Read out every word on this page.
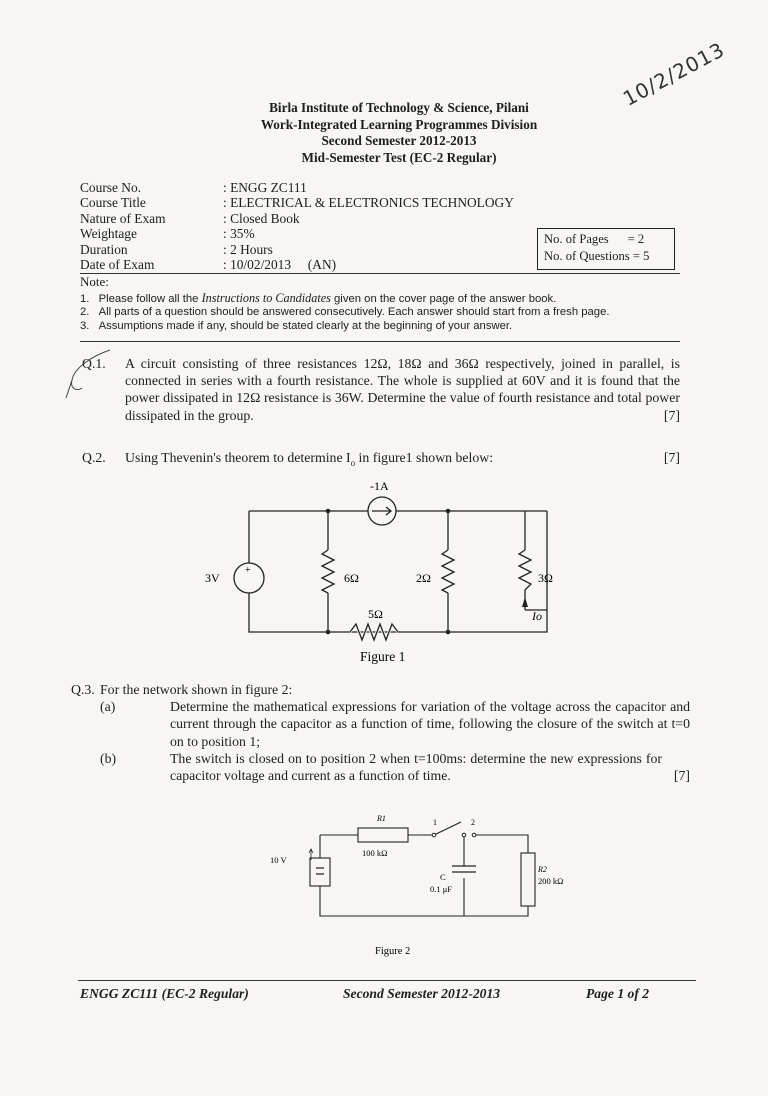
10/2/2013
Birla Institute of Technology & Science, Pilani
Work-Integrated Learning Programmes Division
Second Semester 2012-2013
Mid-Semester Test (EC-2 Regular)
Course No.	: ENGG ZC111
Course Title	: ELECTRICAL & ELECTRONICS TECHNOLOGY
Nature of Exam	: Closed Book
Weightage	: 35%
Duration	: 2 Hours
Date of Exam	: 10/02/2013     (AN)
No. of Pages      = 2
No. of Questions = 5
Note:
1. Please follow all the Instructions to Candidates given on the cover page of the answer book.
2. All parts of a question should be answered consecutively. Each answer should start from a fresh page.
3. Assumptions made if any, should be stated clearly at the beginning of your answer.
Q.1. A circuit consisting of three resistances 12Ω, 18Ω and 36Ω respectively, joined in parallel, is connected in series with a fourth resistance. The whole is supplied at 60V and it is found that the power dissipated in 12Ω resistance is 36W. Determine the value of fourth resistance and total power dissipated in the group.	[7]
Q.2. Using Thevenin's theorem to determine $I_o$ in figure1 shown below:	[7]
-1A
3V
+
6Ω	2Ω	3Ω
5Ω	Io
Figure 1
Q.3. For the network shown in figure 2:
(a)	Determine the mathematical expressions for variation of the voltage across the capacitor and current through the capacitor as a function of time, following the closure of the switch at t=0 on to position 1;
(b)	The switch is closed on to position 2 when t=100ms: determine the new expressions for capacitor voltage and current as a function of time.	[7]
R1
100 kΩ
1	2
10 V
C
0.1 μF
R2
200 kΩ
Figure 2
ENGG ZC111 (EC-2 Regular)	Second Semester 2012-2013	Page 1 of 2
